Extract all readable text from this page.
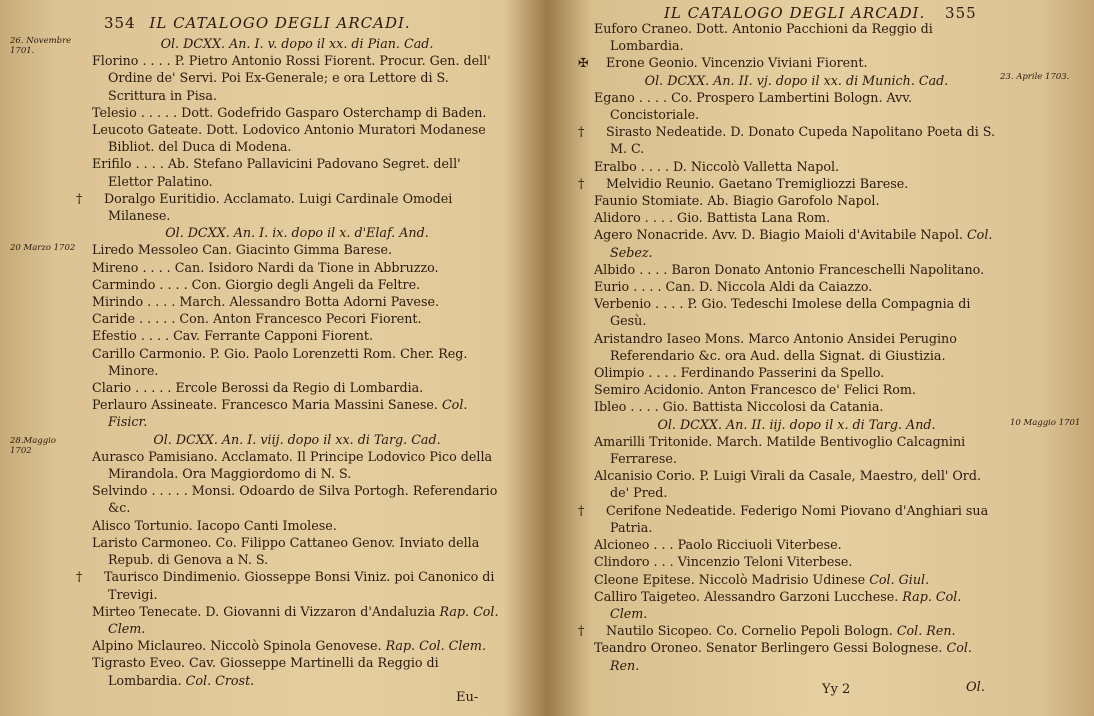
354 IL CATALOGO DEGLI ARCADI.
26. Novembre 1701.
20 Marzo 1702
28.Maggio 1702
Ol. DCXX. An. I. v. dopo il xx. di Pian. Cad.
Florino . . . . P. Pietro Antonio Rossi Fiorent. Procur. Gen. dell' Ordine de' Servi. Poi Ex-Generale; e ora Lettore di S. Scrittura in Pisa.
Telesio . . . . . Dott. Godefrido Gasparo Osterchamp di Baden.
Leucoto Gateate. Dott. Lodovico Antonio Muratori Modanese Bibliot. del Duca di Modena.
Erifilo . . . . Ab. Stefano Pallavicini Padovano Segret. dell' Elettor Palatino.
† Doralgo Euritidio. Acclamato. Luigi Cardinale Omodei Milanese.
Ol. DCXX. An. I. ix. dopo il x. d'Elaf. And.
Liredo Messoleo Can. Giacinto Gimma Barese.
Mireno . . . . Can. Isidoro Nardi da Tione in Abbruzzo.
Carmindo . . . . Con. Giorgio degli Angeli da Feltre.
Mirindo . . . . March. Alessandro Botta Adorni Pavese.
Caride . . . . . Con. Anton Francesco Pecori Fiorent.
Efestio . . . . Cav. Ferrante Capponi Fiorent.
Carillo Carmonio. P. Gio. Paolo Lorenzetti Rom. Cher. Reg. Minore.
Clario . . . . . Ercole Berossi da Regio di Lombardia.
Perlauro Assineate. Francesco Maria Massini Sanese. Col. Fisicr.
Ol. DCXX. An. I. viij. dopo il xx. di Targ. Cad.
Aurasco Pamisiano. Acclamato. Il Principe Lodovico Pico della Mirandola. Ora Maggiordomo di N. S.
Selvindo . . . . . Monsi. Odoardo de Silva Portogh. Referendario &c.
Alisco Tortunio. Iacopo Canti Imolese.
Laristo Carmoneo. Co. Filippo Cattaneo Genov. Inviato della Repub. di Genova a N. S.
† Taurisco Dindimenio. Giosseppe Bonsi Viniz. poi Canonico di Trevigi.
Mirteo Tenecate. D. Giovanni di Vizzaron d'Andaluzia Rap. Col. Clem.
Alpino Miclaureo. Niccolò Spinola Genovese. Rap. Col. Clem.
Tigrasto Eveo. Cav. Giosseppe Martinelli da Reggio di Lombardia. Col. Crost.
Eu-
IL CATALOGO DEGLI ARCADI. 355
23. Aprile 1703.
10 Maggio 1701
Euforo Craneo. Dott. Antonio Pacchioni da Reggio di Lombardia.
✠ Erone Geonio. Vincenzio Viviani Fiorent.
Ol. DCXX. An. II. vj. dopo il xx. di Munich. Cad.
Egano . . . . Co. Prospero Lambertini Bologn. Avv. Concistoriale.
† Sirasto Nedeatide. D. Donato Cupeda Napolitano Poeta di S. M. C.
Eralbo . . . . D. Niccolò Valletta Napol.
† Melvidio Reunio. Gaetano Tremigliozzi Barese.
Faunio Stomiate. Ab. Biagio Garofolo Napol.
Alidoro . . . . Gio. Battista Lana Rom.
Agero Nonacride. Avv. D. Biagio Maioli d'Avitabile Napol. Col. Sebez.
Albido . . . . Baron Donato Antonio Franceschelli Napolitano.
Eurio . . . . Can. D. Niccola Aldi da Caiazzo.
Verbenio . . . . P. Gio. Tedeschi Imolese della Compagnia di Gesù.
Aristandro Iaseo Mons. Marco Antonio Ansidei Perugino Referendario &c. ora Aud. della Signat. di Giustizia.
Olimpio . . . . Ferdinando Passerini da Spello.
Semiro Acidonio. Anton Francesco de' Felici Rom.
Ibleo . . . . Gio. Battista Niccolosi da Catania.
Ol. DCXX. An. II. iij. dopo il x. di Targ. And.
Amarilli Tritonide. March. Matilde Bentivoglio Calcagnini Ferrarese.
Alcanisio Corio. P. Luigi Virali da Casale, Maestro, dell' Ord. de' Pred.
† Cerifone Nedeatide. Federigo Nomi Piovano d'Anghiari sua Patria.
Alcioneo . . . Paolo Ricciuoli Viterbese.
Clindoro . . . Vincenzio Teloni Viterbese.
Cleone Epitese. Niccolò Madrisio Udinese Col. Giul.
Calliro Taigeteo. Alessandro Garzoni Lucchese. Rap. Col. Clem.
† Nautilo Sicopeo. Co. Cornelio Pepoli Bologn. Col. Ren.
Teandro Oroneo. Senator Berlingero Gessi Bolognese. Col. Ren.
Yy 2	Ol.
